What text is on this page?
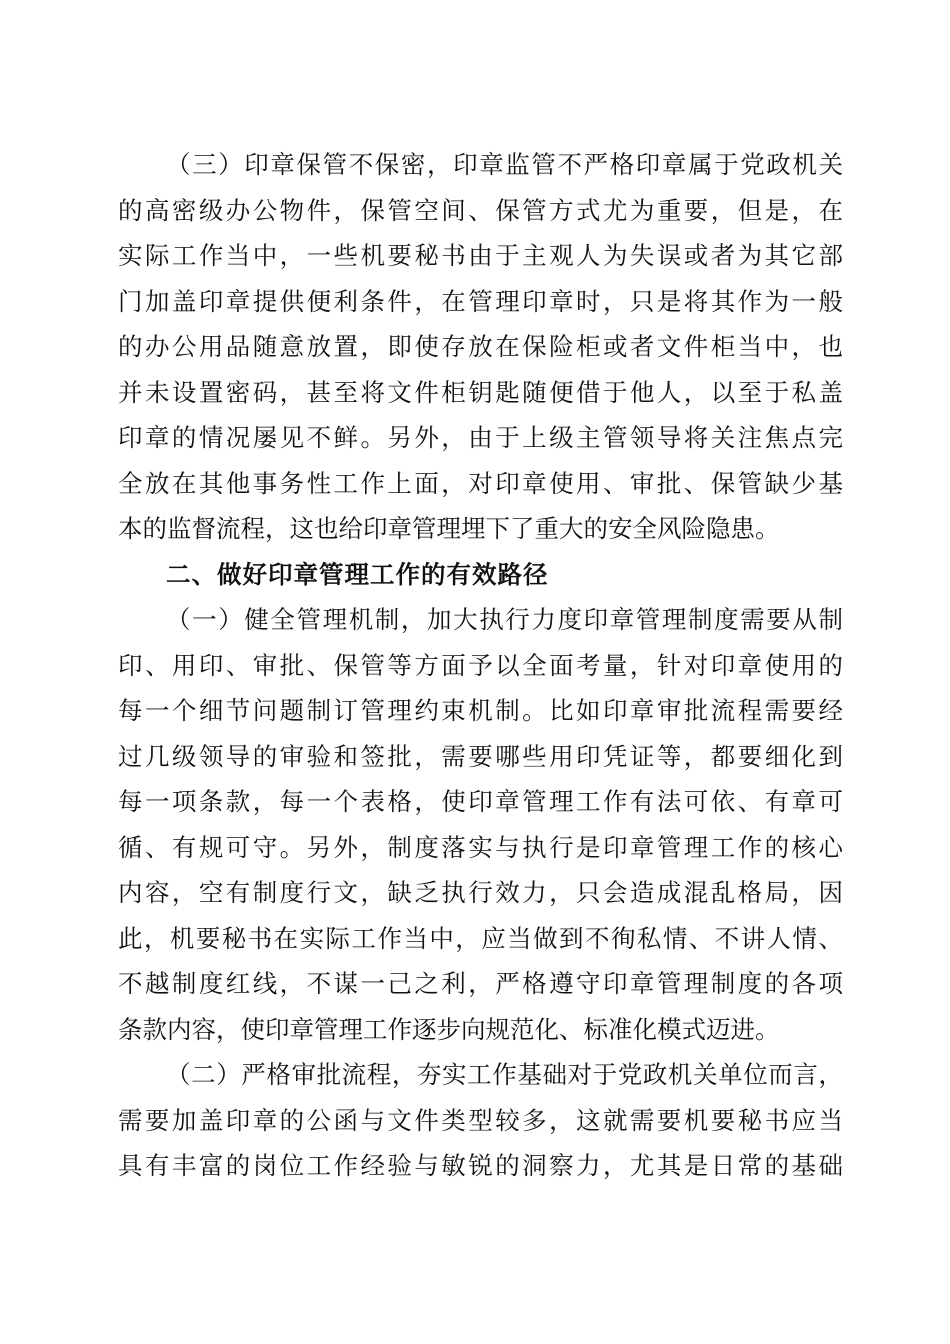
（三）印章保管不保密，印章监管不严格印章属于党政机关
的高密级办公物件，保管空间、保管方式尤为重要，但是，在
实际工作当中，一些机要秘书由于主观人为失误或者为其它部
门加盖印章提供便利条件，在管理印章时，只是将其作为一般
的办公用品随意放置，即使存放在保险柜或者文件柜当中，也
并未设置密码，甚至将文件柜钥匙随便借于他人，以至于私盖
印章的情况屡见不鲜。另外，由于上级主管领导将关注焦点完
全放在其他事务性工作上面，对印章使用、审批、保管缺少基
本的监督流程，这也给印章管理埋下了重大的安全风险隐患。
二、做好印章管理工作的有效路径
（一）健全管理机制，加大执行力度印章管理制度需要从制
印、用印、审批、保管等方面予以全面考量，针对印章使用的
每一个细节问题制订管理约束机制。比如印章审批流程需要经
过几级领导的审验和签批，需要哪些用印凭证等，都要细化到
每一项条款，每一个表格，使印章管理工作有法可依、有章可
循、有规可守。另外，制度落实与执行是印章管理工作的核心
内容，空有制度行文，缺乏执行效力，只会造成混乱格局，因
此，机要秘书在实际工作当中，应当做到不徇私情、不讲人情、
不越制度红线，不谋一己之利，严格遵守印章管理制度的各项
条款内容，使印章管理工作逐步向规范化、标准化模式迈进。
（二）严格审批流程，夯实工作基础对于党政机关单位而言，
需要加盖印章的公函与文件类型较多，这就需要机要秘书应当
具有丰富的岗位工作经验与敏锐的洞察力，尤其是日常的基础
